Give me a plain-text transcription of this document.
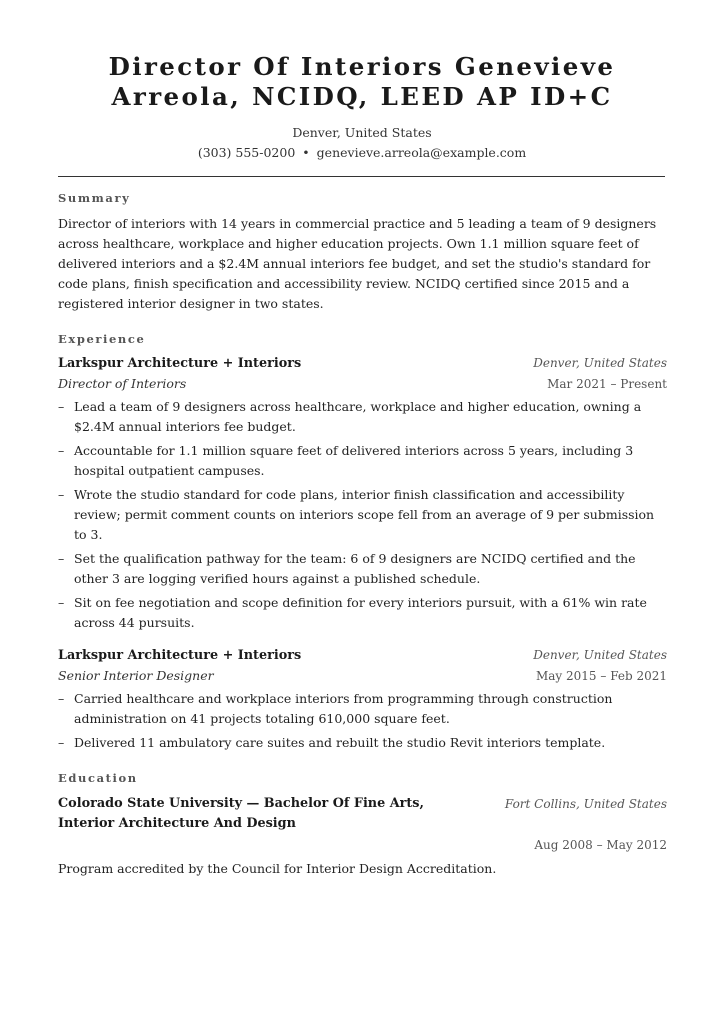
Director Of Interiors Genevieve Arreola, NCIDQ, LEED AP ID+C
Denver, United States
(303) 555-0200 • genevieve.arreola@example.com
Summary
Director of interiors with 14 years in commercial practice and 5 leading a team of 9 designers across healthcare, workplace and higher education projects. Own 1.1 million square feet of delivered interiors and a $2.4M annual interiors fee budget, and set the studio's standard for code plans, finish specification and accessibility review. NCIDQ certified since 2015 and a registered interior designer in two states.
Experience
Larkspur Architecture + Interiors	Denver, United States
Director of Interiors	Mar 2021 – Present
– Lead a team of 9 designers across healthcare, workplace and higher education, owning a $2.4M annual interiors fee budget.
– Accountable for 1.1 million square feet of delivered interiors across 5 years, including 3 hospital outpatient campuses.
– Wrote the studio standard for code plans, interior finish classification and accessibility review; permit comment counts on interiors scope fell from an average of 9 per submission to 3.
– Set the qualification pathway for the team: 6 of 9 designers are NCIDQ certified and the other 3 are logging verified hours against a published schedule.
– Sit on fee negotiation and scope definition for every interiors pursuit, with a 61% win rate across 44 pursuits.
Larkspur Architecture + Interiors	Denver, United States
Senior Interior Designer	May 2015 – Feb 2021
– Carried healthcare and workplace interiors from programming through construction administration on 41 projects totaling 610,000 square feet.
– Delivered 11 ambulatory care suites and rebuilt the studio Revit interiors template.
Education
Colorado State University — Bachelor Of Fine Arts, Interior Architecture And Design
Fort Collins, United States
Aug 2008 – May 2012
Program accredited by the Council for Interior Design Accreditation.
